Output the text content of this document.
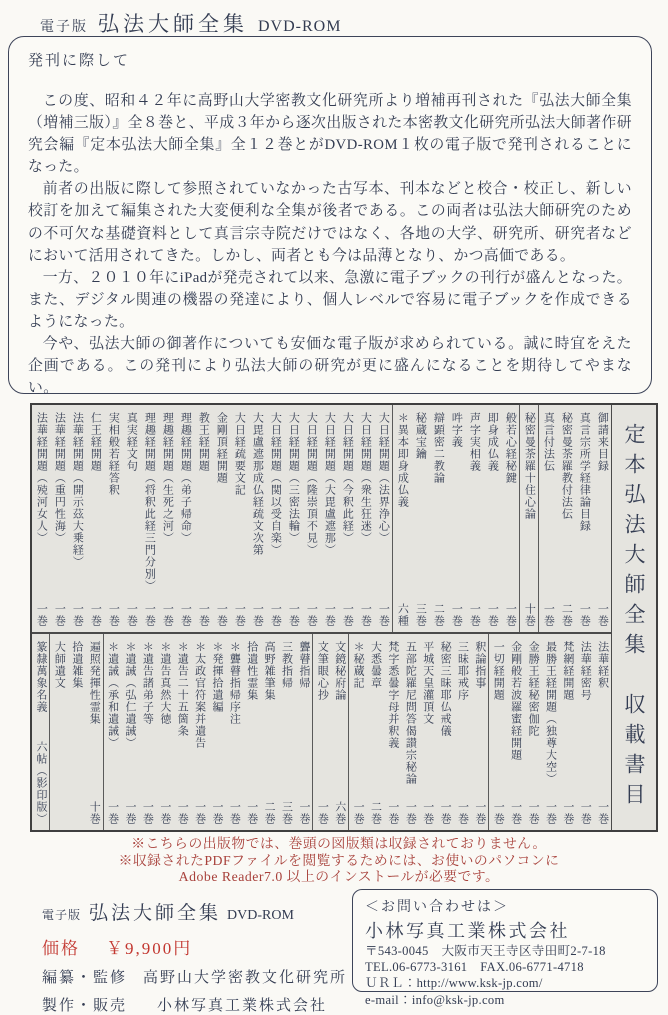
電子版 弘法大師全集 DVD-ROM
発刊に際して

この度、昭和４２年に高野山大学密教文化研究所より増補再刊された『弘法大師全集（増補三版）』全８巻と、平成３年から逐次出版された本密教文化研究所弘法大師著作研究会編『定本弘法大師全集』全１２巻とがDVD-ROM１枚の電子版で発刊されることになった。

前者の出版に際して参照されていなかった古写本、刊本などと校合・校正し、新しい校訂を加えて編集された大変便利な全集が後者である。この両者は弘法大師研究のための不可欠な基礎資料として真言宗寺院だけではなく、各地の大学、研究所、研究者などにおいて活用されてきた。しかし、両者とも今は品薄となり、かつ高価である。

一方、２０１０年にiPadが発売されて以来、急激に電子ブックの刊行が盛んとなった。また、デジタル関連の機器の発達により、個人レベルで容易に電子ブックを作成できるようになった。

今や、弘法大師の御著作についても安価な電子版が求められている。誠に時宜をえた企画である。この発刊により弘法大師の研究が更に盛んになることを期待してやまない。

定本弘法大師全集　収載書目
御請来目録
一巻
真言宗所学経律論目録
一巻
秘密曼荼羅教付法伝
二巻
真言付法伝
一巻
秘密曼荼羅十住心論
十巻
般若心経秘鍵
一巻
即身成仏義
一巻
声字実相義
一巻
吽字義
一巻
辯顕密二教論
二巻
秘蔵宝鑰
三巻
＊異本即身成仏義
六種
大日経開題（法界浄心）
一巻
大日経開題（衆生狂迷）
一巻
大日経開題（今釈此経）
一巻
大日経開題（大毘盧遮那）
一巻
大日経開題（隆崇頂不見）
一巻
大日経開題（三密法輪）
一巻
大日経開題（関以受自楽）
一巻
大毘盧遮那成仏経疏文次第
一巻
大日経疏要文記
一巻
金剛頂経開題
一巻
教王経開題
一巻
理趣経開題（弟子帰命）
一巻
理趣経開題（生死之河）
一巻
理趣経開題（将釈此経三門分別）
一巻
真実経文句
一巻
実相般若経答釈
一巻
仁王経開題
一巻
法華経開題（開示茲大乗経）
一巻
法華経開題（重円性海）
一巻
法華経開題（殑河女人）
一巻
法華経釈
一巻
法華経密号
一巻
梵網経開題
一巻
最勝王経開題（独尊大空）
一巻
金勝王経秘密伽陀
一巻
金剛般若波羅蜜経開題
一巻
一切経開題
一巻
釈論指事
一巻
三昧耶戒序
一巻
秘密三昧耶仏戒儀
一巻
平城天皇灌頂文
一巻
五部陀羅尼問答偈讃宗秘論
一巻
梵字悉曇字母并釈義
一巻
大悉曇章
二巻
＊秘蔵記
一巻
文鏡秘府論
六巻
文筆眼心抄
一巻
聾瞽指帰
一巻
三教指帰
三巻
高野雑筆集
二巻
拾遺性霊集
一巻
＊聾瞽指帰序注
一巻
＊発揮拾遺編
一巻
＊太政官符案并遺告
一巻
＊遺告二十五箇条
一巻
＊遺告真然大徳
一巻
＊遺告諸弟子等
一巻
＊遺誡（弘仁遺誡）
一巻
＊遺誡（承和遺誡）
一巻
遍照発揮性霊集
十巻
拾遺雑集
大師遺文
篆隸萬象名義
六帖（影印版）
※こちらの出版物では、巻頭の図版類は収録されておりません。
※収録されたPDFファイルを閲覧するためには、お使いのパソコンに
Adobe Reader7.0 以上のインストールが必要です。
電子版 弘法大師全集 DVD-ROM
価格 ￥9,900円
編纂・監修 高野山大学密教文化研究所
製作・販売 小林写真工業株式会社
＜お問い合わせは＞
小林写真工業株式会社
〒543-0045　大阪市天王寺区寺田町2-7-18
TEL.06-6773-3161　FAX.06-6771-4718
ＵＲＬ：http://www.ksk-jp.com/
e-mail：info@ksk-jp.com
